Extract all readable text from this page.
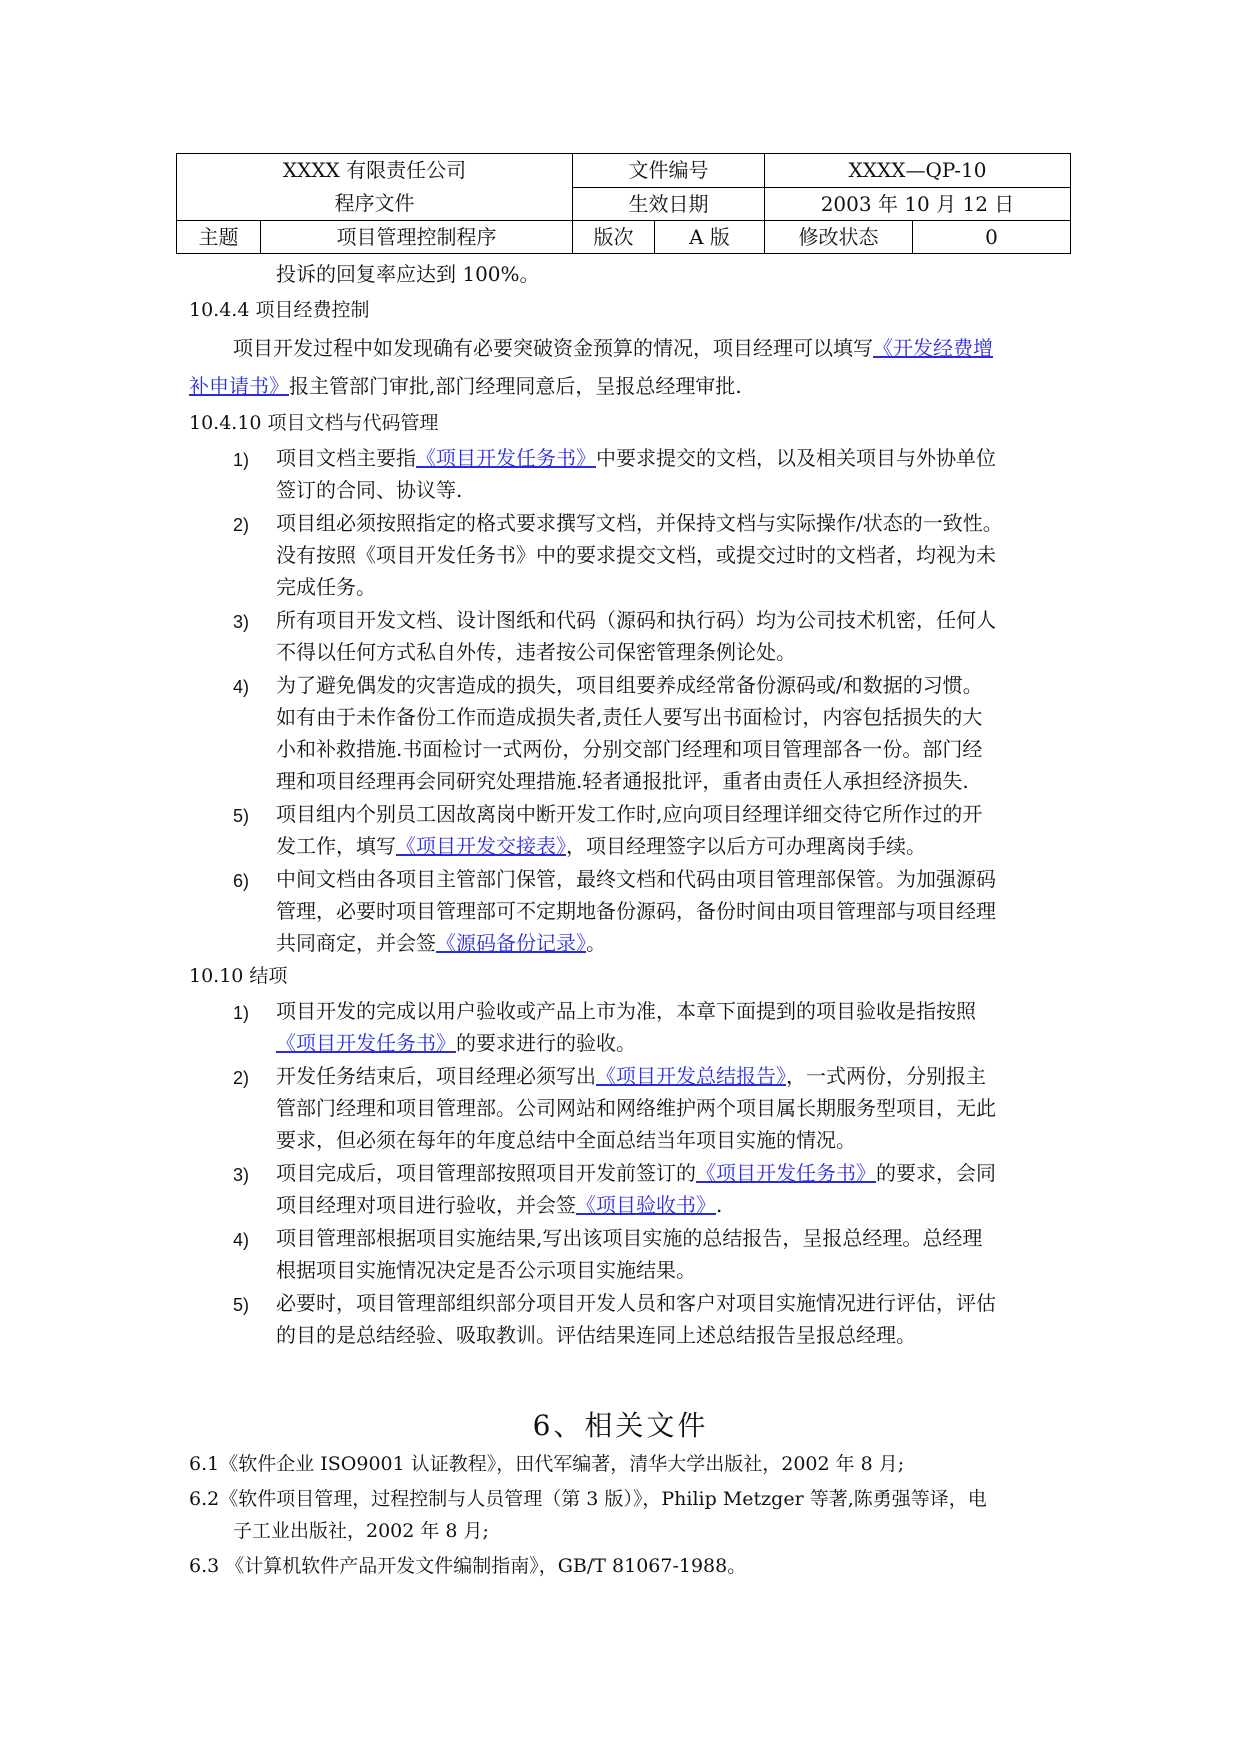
XXXX 有限责任公司
程序文件		文件编号		XXXX—QP-10	
		生效日期		2003 年 10 月 12 日	
主题	项目管理控制程序	版次	A 版	修改状态	0
投诉的回复率应达到 100%。
10.4.4 项目经费控制
项目开发过程中如发现确有必要突破资金预算的情况，项目经理可以填写《开发经费增
补申请书》报主管部门审批,部门经理同意后，呈报总经理审批.
10.4.10 项目文档与代码管理
1) 项目文档主要指《项目开发任务书》中要求提交的文档，以及相关项目与外协单位
签订的合同、协议等.
2) 项目组必须按照指定的格式要求撰写文档，并保持文档与实际操作/状态的一致性。
没有按照《项目开发任务书》中的要求提交文档，或提交过时的文档者，均视为未
完成任务。
3) 所有项目开发文档、设计图纸和代码（源码和执行码）均为公司技术机密，任何人
不得以任何方式私自外传，违者按公司保密管理条例论处。
4) 为了避免偶发的灾害造成的损失，项目组要养成经常备份源码或/和数据的习惯。
如有由于未作备份工作而造成损失者,责任人要写出书面检讨，内容包括损失的大
小和补救措施.书面检讨一式两份，分别交部门经理和项目管理部各一份。部门经
理和项目经理再会同研究处理措施.轻者通报批评，重者由责任人承担经济损失.
5) 项目组内个别员工因故离岗中断开发工作时,应向项目经理详细交待它所作过的开
发工作，填写《项目开发交接表》，项目经理签字以后方可办理离岗手续。
6) 中间文档由各项目主管部门保管，最终文档和代码由项目管理部保管。为加强源码
管理，必要时项目管理部可不定期地备份源码，备份时间由项目管理部与项目经理
共同商定，并会签《源码备份记录》。
10.10 结项
1) 项目开发的完成以用户验收或产品上市为准，本章下面提到的项目验收是指按照
《项目开发任务书》的要求进行的验收。
2) 开发任务结束后，项目经理必须写出《项目开发总结报告》，一式两份，分别报主
管部门经理和项目管理部。公司网站和网络维护两个项目属长期服务型项目，无此
要求，但必须在每年的年度总结中全面总结当年项目实施的情况。
3) 项目完成后，项目管理部按照项目开发前签订的《项目开发任务书》的要求，会同
项目经理对项目进行验收，并会签《项目验收书》.
4) 项目管理部根据项目实施结果,写出该项目实施的总结报告，呈报总经理。总经理
根据项目实施情况决定是否公示项目实施结果。
5) 必要时，项目管理部组织部分项目开发人员和客户对项目实施情况进行评估，评估
的目的是总结经验、吸取教训。评估结果连同上述总结报告呈报总经理。
6、相关文件
6.1《软件企业 ISO9001 认证教程》，田代军编著，清华大学出版社，2002 年 8 月;
6.2《软件项目管理，过程控制与人员管理（第 3 版）》，Philip Metzger 等著,陈勇强等译，电
子工业出版社，2002 年 8 月;
6.3 《计算机软件产品开发文件编制指南》，GB/T 81067-1988。
